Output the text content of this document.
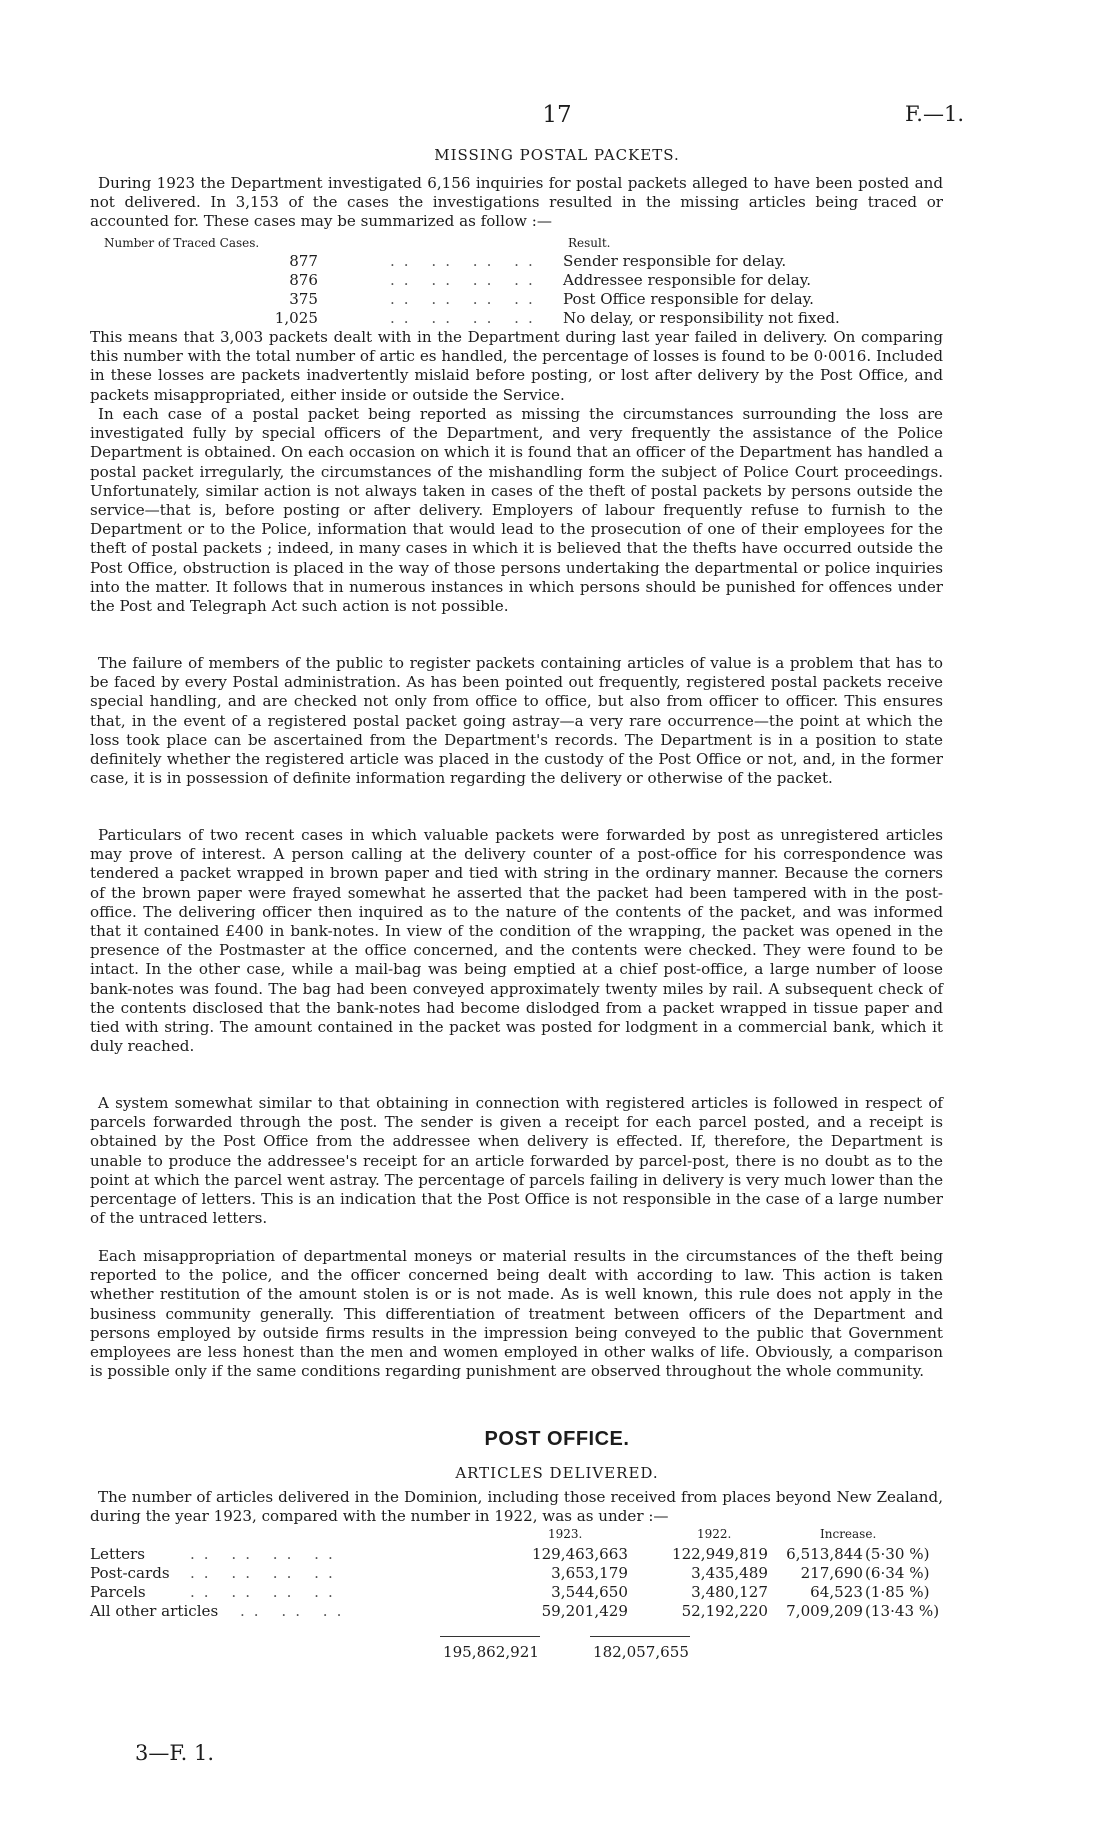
17	F.—1.
MISSING POSTAL PACKETS.

During 1923 the Department investigated 6,156 inquiries for postal packets alleged to have been posted and not delivered. In 3,153 of the cases the investigations resulted in the missing articles being traced or accounted for. These cases may be summarized as follow :—

Number of Traced Cases.	Result.
877	.. .. .. .. Sender responsible for delay.
876	.. .. .. .. Addressee responsible for delay.
375	.. .. .. .. Post Office responsible for delay.
1,025	.. .. .. .. No delay, or responsibility not fixed.

This means that 3,003 packets dealt with in the Department during last year failed in delivery. On comparing this number with the total number of artic es handled, the percentage of losses is found to be 0·0016. Included in these losses are packets inadvertently mislaid before posting, or lost after delivery by the Post Office, and packets misappropriated, either inside or outside the Service.

In each case of a postal packet being reported as missing the circumstances surrounding the loss are investigated fully by special officers of the Department, and very frequently the assistance of the Police Department is obtained. On each occasion on which it is found that an officer of the Department has handled a postal packet irregularly, the circumstances of the mishandling form the subject of Police Court proceedings. Unfortunately, similar action is not always taken in cases of the theft of postal packets by persons outside the service—that is, before posting or after delivery. Employers of labour frequently refuse to furnish to the Department or to the Police, information that would lead to the prosecution of one of their employees for the theft of postal packets ; indeed, in many cases in which it is believed that the thefts have occurred outside the Post Office, obstruction is placed in the way of those persons undertaking the departmental or police inquiries into the matter. It follows that in numerous instances in which persons should be punished for offences under the Post and Telegraph Act such action is not possible.

The failure of members of the public to register packets containing articles of value is a problem that has to be faced by every Postal administration. As has been pointed out frequently, registered postal packets receive special handling, and are checked not only from office to office, but also from officer to officer. This ensures that, in the event of a registered postal packet going astray—a very rare occurrence—the point at which the loss took place can be ascertained from the Department's records. The Department is in a position to state definitely whether the registered article was placed in the custody of the Post Office or not, and, in the former case, it is in possession of definite information regarding the delivery or otherwise of the packet.

Particulars of two recent cases in which valuable packets were forwarded by post as unregistered articles may prove of interest. A person calling at the delivery counter of a post-office for his correspondence was tendered a packet wrapped in brown paper and tied with string in the ordinary manner. Because the corners of the brown paper were frayed somewhat he asserted that the packet had been tampered with in the post-office. The delivering officer then inquired as to the nature of the contents of the packet, and was informed that it contained £400 in bank-notes. In view of the condition of the wrapping, the packet was opened in the presence of the Postmaster at the office concerned, and the contents were checked. They were found to be intact. In the other case, while a mail-bag was being emptied at a chief post-office, a large number of loose bank-notes was found. The bag had been conveyed approximately twenty miles by rail. A subsequent check of the contents disclosed that the bank-notes had become dislodged from a packet wrapped in tissue paper and tied with string. The amount contained in the packet was posted for lodgment in a commercial bank, which it duly reached.

A system somewhat similar to that obtaining in connection with registered articles is followed in respect of parcels forwarded through the post. The sender is given a receipt for each parcel posted, and a receipt is obtained by the Post Office from the addressee when delivery is effected. If, therefore, the Department is unable to produce the addressee's receipt for an article forwarded by parcel-post, there is no doubt as to the point at which the parcel went astray. The percentage of parcels failing in delivery is very much lower than the percentage of letters. This is an indication that the Post Office is not responsible in the case of a large number of the untraced letters.

Each misappropriation of departmental moneys or material results in the circumstances of the theft being reported to the police, and the officer concerned being dealt with according to law. This action is taken whether restitution of the amount stolen is or is not made. As is well known, this rule does not apply in the business community generally. This differentiation of treatment between officers of the Department and persons employed by outside firms results in the impression being conveyed to the public that Government employees are less honest than the men and women employed in other walks of life. Obviously, a comparison is possible only if the same conditions regarding punishment are observed throughout the whole community.

POST OFFICE.
ARTICLES DELIVERED.

The number of articles delivered in the Dominion, including those received from places beyond New Zealand, during the year 1923, compared with the number in 1922, was as under :—

1923.	1922.	Increase.
Letters	.. .. .. ..	129,463,663	122,949,819 6,513,844 (5·30 %)
Post-cards .. .. .. ..	3,653,179	3,435,489 217,690 (6·34 %)
Parcels	.. .. .. ..	3,544,650	3,480,127	64,523 (1·85 %)
All other articles .. .. ..	59,201,429	52,192,220 7,009,209 (13·43 %)
195,862,921	182,057,655
3—F. 1.
